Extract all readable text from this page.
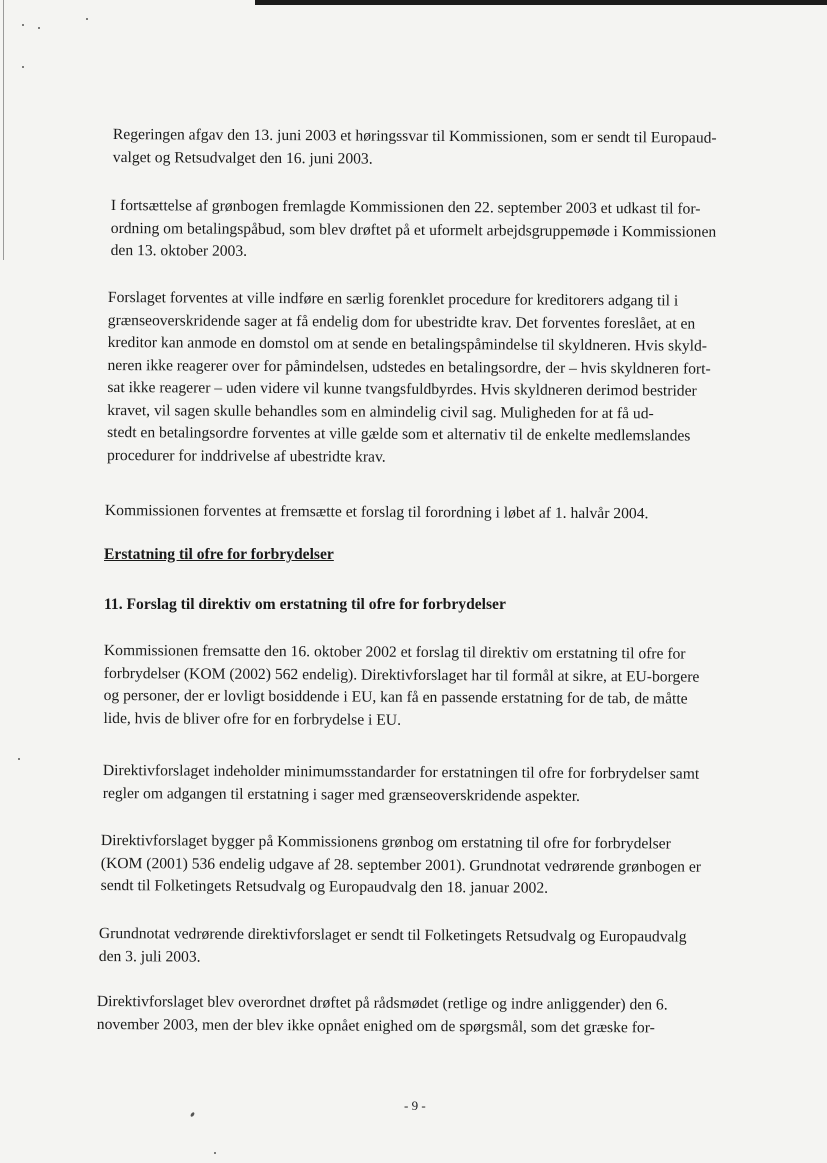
Regeringen afgav den 13. juni 2003 et høringssvar til Kommissionen, som er sendt til Europaud-
valget og Retsudvalget den 16. juni 2003.

I fortsættelse af grønbogen fremlagde Kommissionen den 22. september 2003 et udkast til for-
ordning om betalingspåbud, som blev drøftet på et uformelt arbejdsgruppemøde i Kommissionen
den 13. oktober 2003.

Forslaget forventes at ville indføre en særlig forenklet procedure for kreditorers adgang til i
grænseoverskridende sager at få endelig dom for ubestridte krav. Det forventes foreslået, at en
kreditor kan anmode en domstol om at sende en betalingspåmindelse til skyldneren. Hvis skyld-
neren ikke reagerer over for påmindelsen, udstedes en betalingsordre, der – hvis skyldneren fort-
sat ikke reagerer – uden videre vil kunne tvangsfuldbyrdes. Hvis skyldneren derimod bestrider
kravet, vil sagen skulle behandles som en almindelig civil sag. Muligheden for at få ud-
stedt en betalingsordre forventes at ville gælde som et alternativ til de enkelte medlemslandes
procedurer for inddrivelse af ubestridte krav.

Kommissionen forventes at fremsætte et forslag til forordning i løbet af 1. halvår 2004.

Erstatning til ofre for forbrydelser

11. Forslag til direktiv om erstatning til ofre for forbrydelser

Kommissionen fremsatte den 16. oktober 2002 et forslag til direktiv om erstatning til ofre for
forbrydelser (KOM (2002) 562 endelig). Direktivforslaget har til formål at sikre, at EU-borgere
og personer, der er lovligt bosiddende i EU, kan få en passende erstatning for de tab, de måtte
lide, hvis de bliver ofre for en forbrydelse i EU.

Direktivforslaget indeholder minimumsstandarder for erstatningen til ofre for forbrydelser samt
regler om adgangen til erstatning i sager med grænseoverskridende aspekter.

Direktivforslaget bygger på Kommissionens grønbog om erstatning til ofre for forbrydelser
(KOM (2001) 536 endelig udgave af 28. september 2001). Grundnotat vedrørende grønbogen er
sendt til Folketingets Retsudvalg og Europaudvalg den 18. januar 2002.

Grundnotat vedrørende direktivforslaget er sendt til Folketingets Retsudvalg og Europaudvalg
den 3. juli 2003.

Direktivforslaget blev overordnet drøftet på rådsmødet (retlige og indre anliggender) den 6.
november 2003, men der blev ikke opnået enighed om de spørgsmål, som det græske for-

- 9 -
